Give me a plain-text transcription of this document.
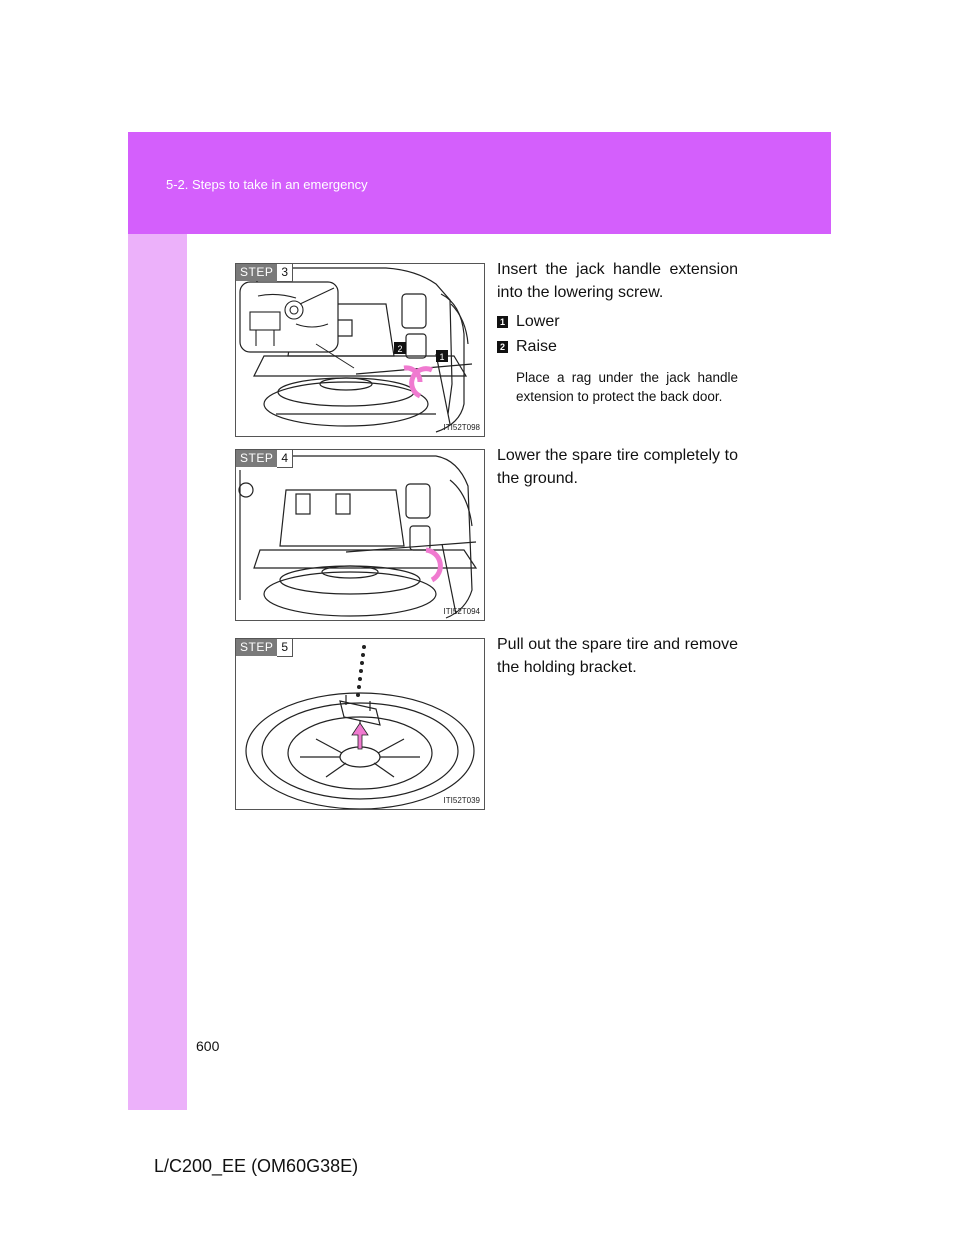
5-2. Steps to take in an emergency
2
1
STEP 3
ITI52T098

Insert the jack handle extension into the lowering screw.

1 Lower
2 Raise
Place a rag under the jack handle extension to protect the back door.
STEP 4
ITI52T094

Lower the spare tire completely to the ground.

STEP 5
ITI52T039

Pull out the spare tire and remove the holding bracket.

600
L/C200_EE (OM60G38E)
